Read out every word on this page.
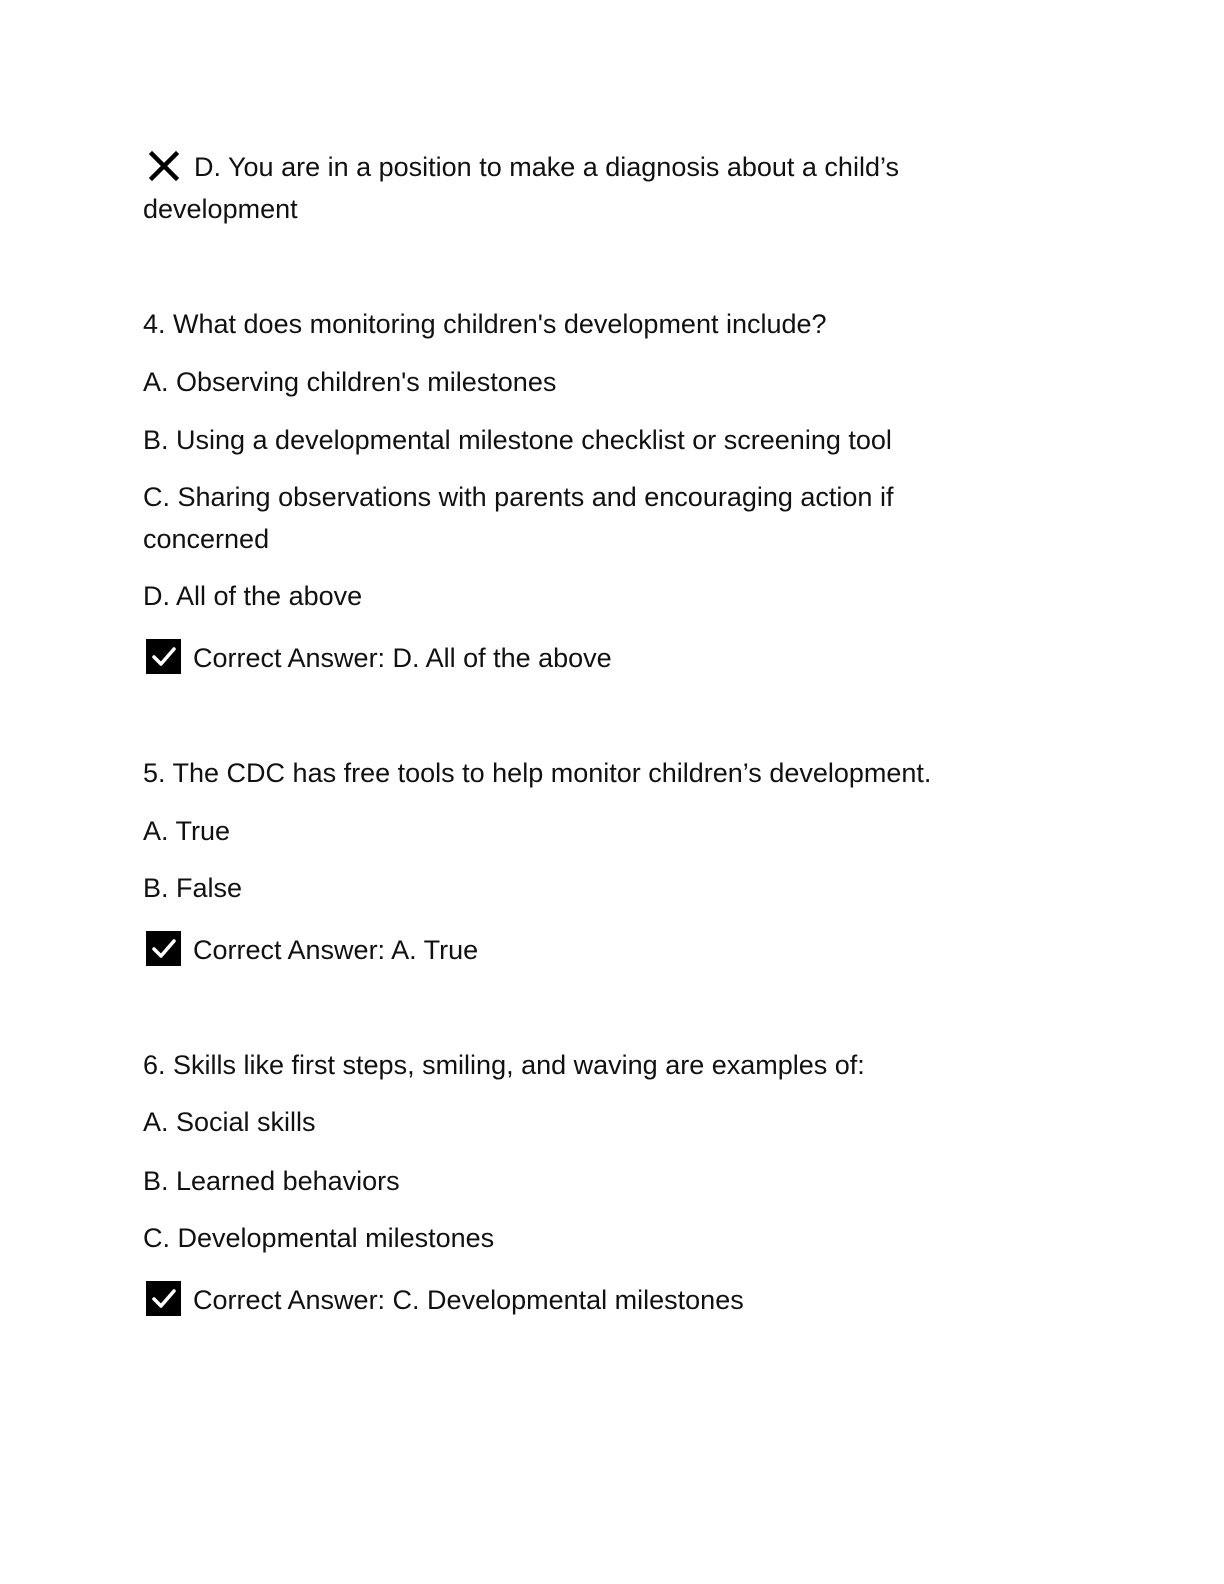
D. You are in a position to make a diagnosis about a child’s development
4. What does monitoring children's development include?
A. Observing children's milestones
B. Using a developmental milestone checklist or screening tool
C. Sharing observations with parents and encouraging action if concerned
D. All of the above
Correct Answer: D. All of the above
5. The CDC has free tools to help monitor children’s development.
A. True
B. False
Correct Answer: A. True
6. Skills like first steps, smiling, and waving are examples of:
A. Social skills
B. Learned behaviors
C. Developmental milestones
Correct Answer: C. Developmental milestones
